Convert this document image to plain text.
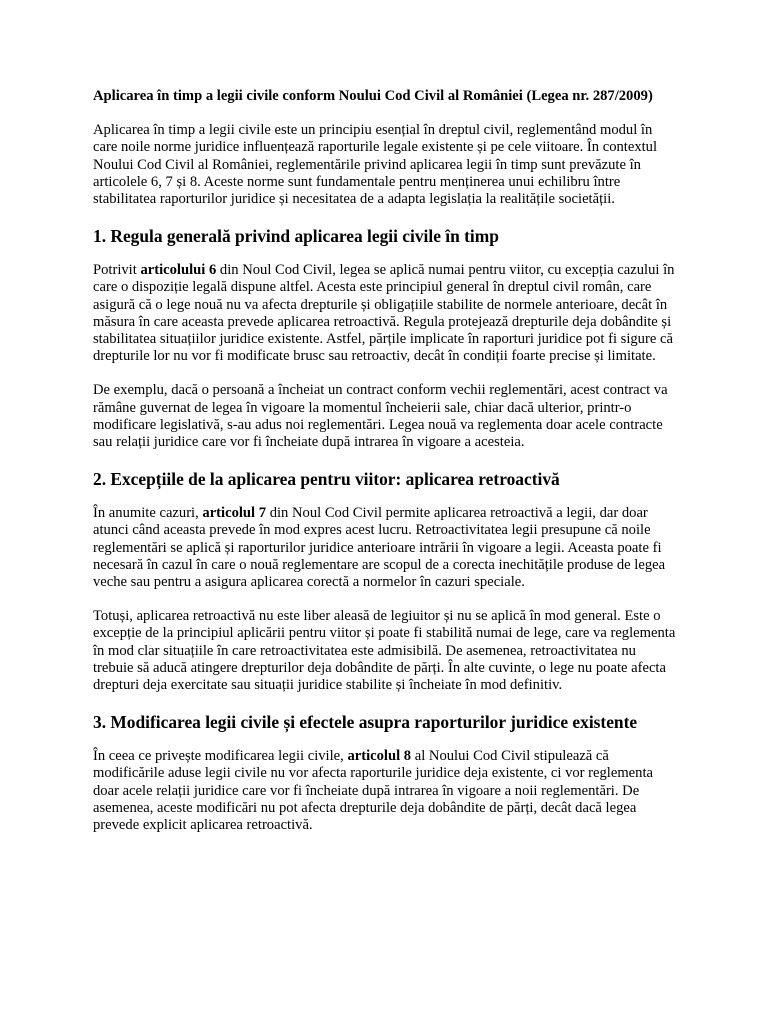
Aplicarea în timp a legii civile conform Noului Cod Civil al României (Legea nr. 287/2009)

Aplicarea în timp a legii civile este un principiu esențial în dreptul civil, reglementând modul în care noile norme juridice influențează raporturile legale existente și pe cele viitoare. În contextul Noului Cod Civil al României, reglementările privind aplicarea legii în timp sunt prevăzute în articolele 6, 7 și 8. Aceste norme sunt fundamentale pentru menținerea unui echilibru între stabilitatea raporturilor juridice și necesitatea de a adapta legislația la realitățile societății.

1. Regula generală privind aplicarea legii civile în timp

Potrivit articolului 6 din Noul Cod Civil, legea se aplică numai pentru viitor, cu excepția cazului în care o dispoziție legală dispune altfel. Acesta este principiul general în dreptul civil român, care asigură că o lege nouă nu va afecta drepturile și obligațiile stabilite de normele anterioare, decât în măsura în care aceasta prevede aplicarea retroactivă. Regula protejează drepturile deja dobândite și stabilitatea situațiilor juridice existente. Astfel, părțile implicate în raporturi juridice pot fi sigure că drepturile lor nu vor fi modificate brusc sau retroactiv, decât în condiții foarte precise și limitate.

De exemplu, dacă o persoană a încheiat un contract conform vechii reglementări, acest contract va rămâne guvernat de legea în vigoare la momentul încheierii sale, chiar dacă ulterior, printr-o modificare legislativă, s-au adus noi reglementări. Legea nouă va reglementa doar acele contracte sau relații juridice care vor fi încheiate după intrarea în vigoare a acesteia.

2. Excepțiile de la aplicarea pentru viitor: aplicarea retroactivă

În anumite cazuri, articolul 7 din Noul Cod Civil permite aplicarea retroactivă a legii, dar doar atunci când aceasta prevede în mod expres acest lucru. Retroactivitatea legii presupune că noile reglementări se aplică și raporturilor juridice anterioare intrării în vigoare a legii. Aceasta poate fi necesară în cazul în care o nouă reglementare are scopul de a corecta inechitățile produse de legea veche sau pentru a asigura aplicarea corectă a normelor în cazuri speciale.

Totuși, aplicarea retroactivă nu este liber aleasă de legiuitor și nu se aplică în mod general. Este o excepție de la principiul aplicării pentru viitor și poate fi stabilită numai de lege, care va reglementa în mod clar situațiile în care retroactivitatea este admisibilă. De asemenea, retroactivitatea nu trebuie să aducă atingere drepturilor deja dobândite de părți. În alte cuvinte, o lege nu poate afecta drepturi deja exercitate sau situații juridice stabilite și încheiate în mod definitiv.

3. Modificarea legii civile și efectele asupra raporturilor juridice existente

În ceea ce privește modificarea legii civile, articolul 8 al Noului Cod Civil stipulează că modificările aduse legii civile nu vor afecta raporturile juridice deja existente, ci vor reglementa doar acele relații juridice care vor fi încheiate după intrarea în vigoare a noii reglementări. De asemenea, aceste modificări nu pot afecta drepturile deja dobândite de părți, decât dacă legea prevede explicit aplicarea retroactivă.
